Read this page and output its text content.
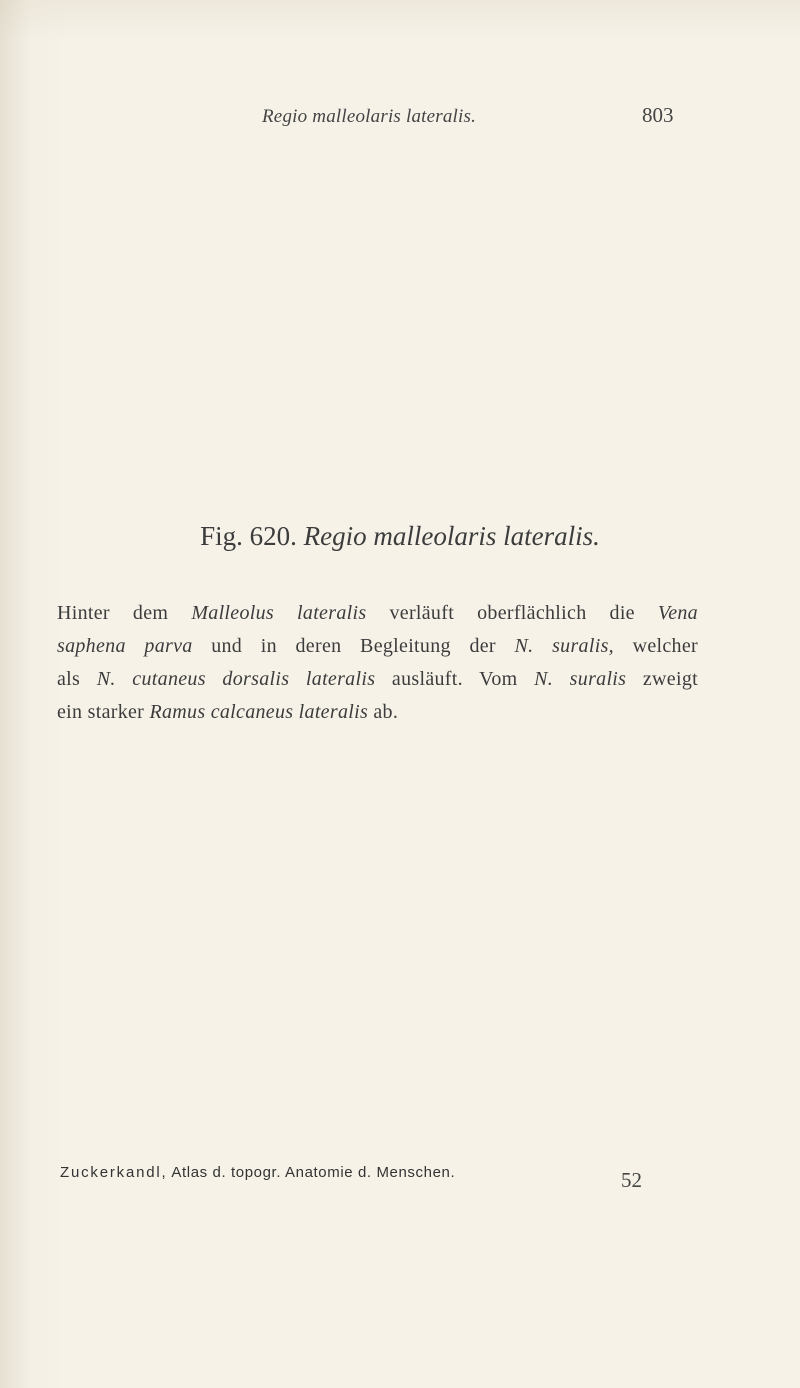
Regio malleolaris lateralis.	803
Fig. 620. Regio malleolaris lateralis.
Hinter dem Malleolus lateralis verläuft oberflächlich die Vena
saphena parva und in deren Begleitung der N. suralis, welcher
als N. cutaneus dorsalis lateralis ausläuft. Vom N. suralis zweigt
ein starker Ramus calcaneus lateralis ab.
Zuckerkandl, Atlas d. topogr. Anatomie d. Menschen.	52
